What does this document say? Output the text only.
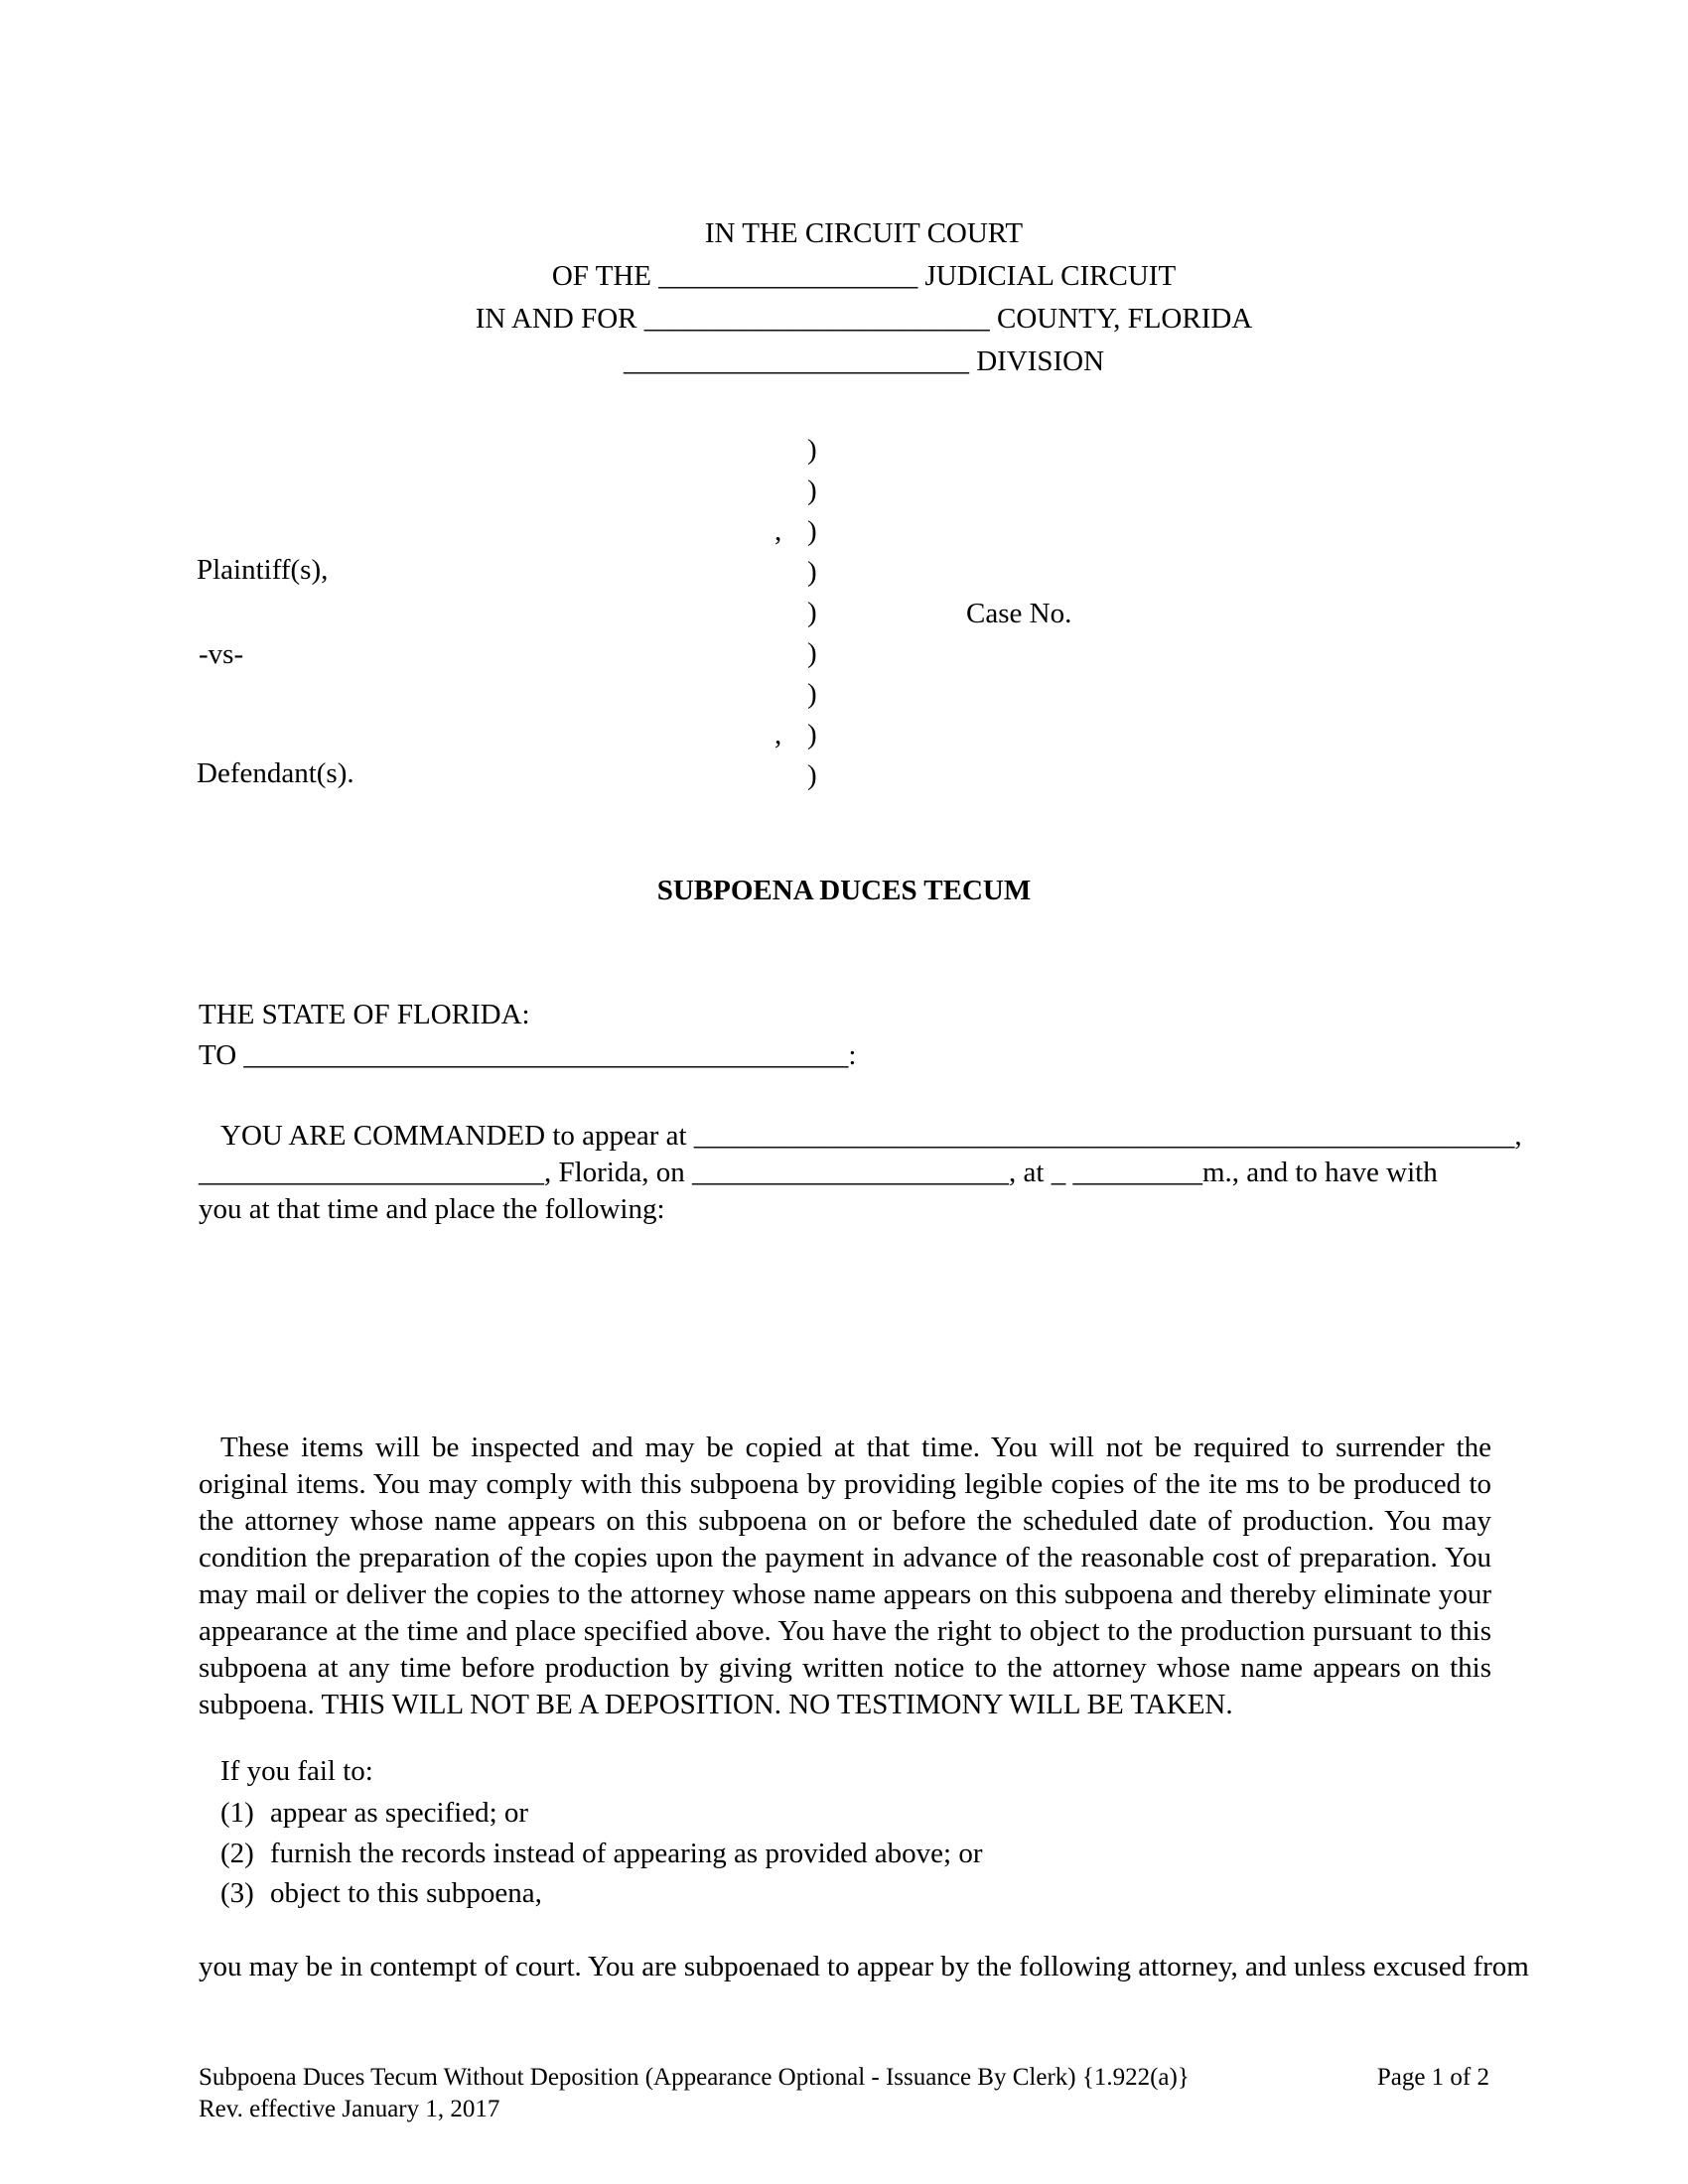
IN THE CIRCUIT COURT
OF THE __________________ JUDICIAL CIRCUIT
IN AND FOR ________________________ COUNTY, FLORIDA
________________________ DIVISION
Plaintiff(s),
-vs-
Defendant(s).
Case No.
)
)
, )
)
)
)
)
, )
)
SUBPOENA DUCES TECUM
THE STATE OF FLORIDA:
TO __________________________________________:
YOU ARE COMMANDED to appear at _________________________________________________________,
________________________, Florida, on ______________________, at _ _________m., and to have with
you at that time and place the following:
These items will be inspected and may be copied at that time. You will not be required to surrender the original items. You may comply with this subpoena by providing legible copies of the ite ms to be produced to the attorney whose name appears on this subpoena on or before the scheduled date of production. You may condition the preparation of the copies upon the payment in advance of the reasonable cost of preparation. You may mail or deliver the copies to the attorney whose name appears on this subpoena and thereby eliminate your appearance at the time and place specified above. You have the right to object to the production pursuant to this subpoena at any time before production by giving written notice to the attorney whose name appears on this subpoena. THIS WILL NOT BE A DEPOSITION. NO TESTIMONY WILL BE TAKEN.
If you fail to:
(1) appear as specified; or
(2) furnish the records instead of appearing as provided above; or
(3) object to this subpoena,
you may be in contempt of court. You are subpoenaed to appear by the following attorney, and unless excused from
Subpoena Duces Tecum Without Deposition (Appearance Optional - Issuance By Clerk) {1.922(a)}	Page 1 of 2
Rev. effective January 1, 2017
